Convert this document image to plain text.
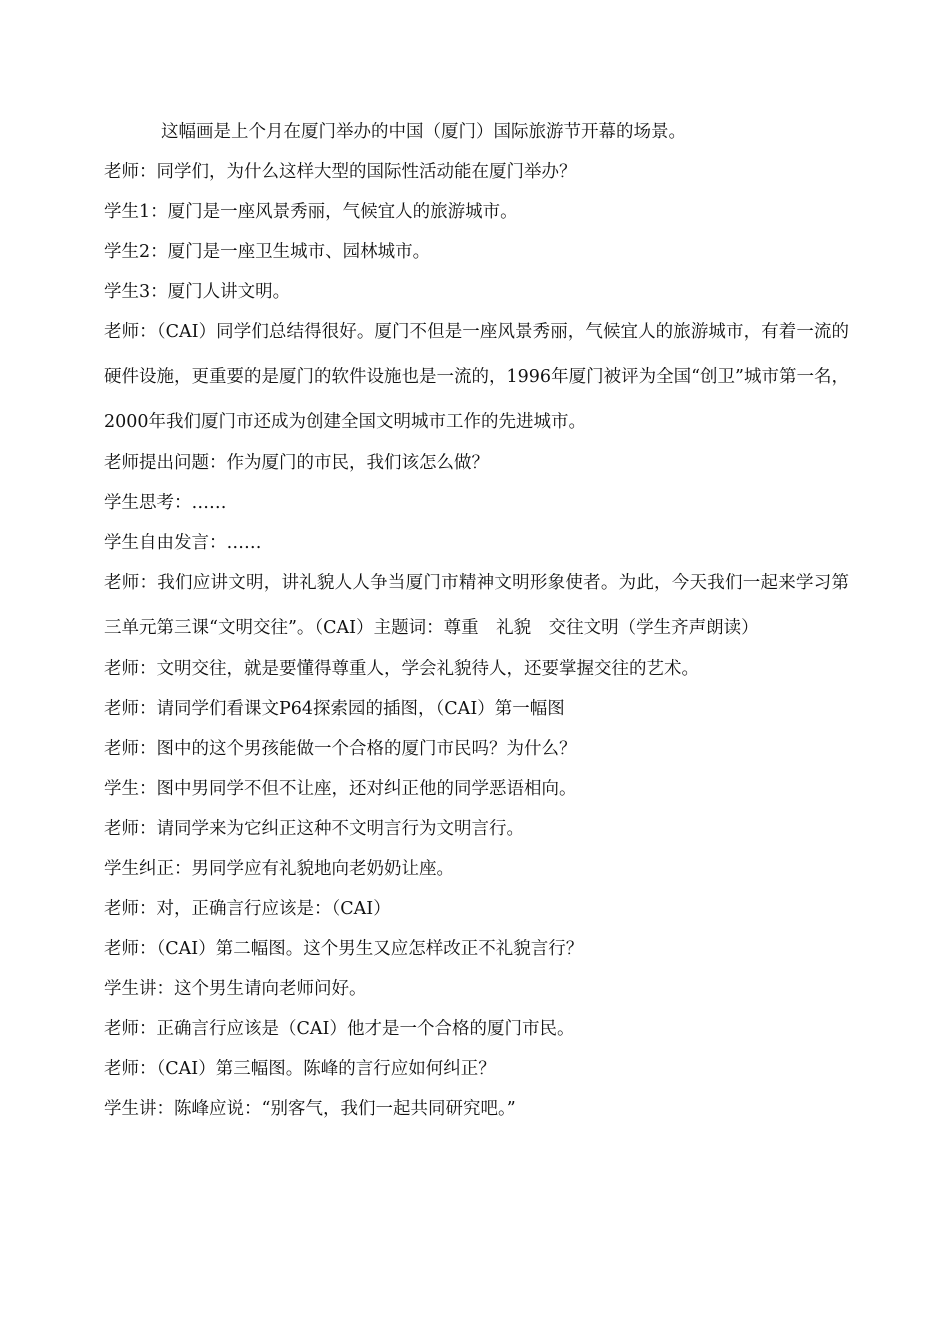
这幅画是上个月在厦门举办的中国（厦门）国际旅游节开幕的场景。

老师：同学们，为什么这样大型的国际性活动能在厦门举办？

学生1：厦门是一座风景秀丽，气候宜人的旅游城市。

学生2：厦门是一座卫生城市、园林城市。

学生3：厦门人讲文明。

老师：（CAI）同学们总结得很好。厦门不但是一座风景秀丽，气候宜人的旅游城市，有着一流的硬件设施，更重要的是厦门的软件设施也是一流的，1996年厦门被评为全国“创卫”城市第一名，2000年我们厦门市还成为创建全国文明城市工作的先进城市。

老师提出问题：作为厦门的市民，我们该怎么做？

学生思考：……

学生自由发言：……

老师：我们应讲文明，讲礼貌人人争当厦门市精神文明形象使者。为此，今天我们一起来学习第三单元第三课“文明交往”。（CAI）主题词：尊重　礼貌　交往文明（学生齐声朗读）

老师：文明交往，就是要懂得尊重人，学会礼貌待人，还要掌握交往的艺术。

老师：请同学们看课文P64探索园的插图，（CAI）第一幅图

老师：图中的这个男孩能做一个合格的厦门市民吗？为什么？

学生：图中男同学不但不让座，还对纠正他的同学恶语相向。

老师：请同学来为它纠正这种不文明言行为文明言行。

学生纠正：男同学应有礼貌地向老奶奶让座。

老师：对，正确言行应该是：（CAI）

老师：（CAI）第二幅图。这个男生又应怎样改正不礼貌言行？

学生讲：这个男生请向老师问好。

老师：正确言行应该是（CAI）他才是一个合格的厦门市民。

老师：（CAI）第三幅图。陈峰的言行应如何纠正？

学生讲：陈峰应说：“别客气，我们一起共同研究吧。”
